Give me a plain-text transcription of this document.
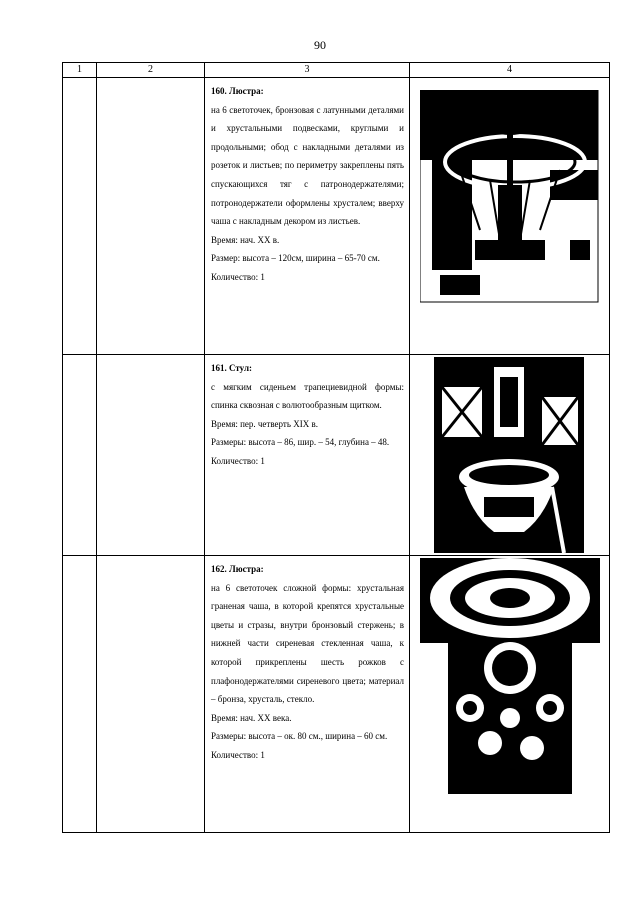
90
1	2	3	4

		160. Люстра:

на 6 светоточек, бронзовая с латунными деталями и хрустальными подвесками, круглыми и продольными; обод с накладными деталями из розеток и листьев; по периметру закреплены пять спускающихся тяг с патронодержателями; потронодержатели оформлены хрусталем; вверху чаша с накладным декором из листьев.

Время: нач. XX в.

Размер: высота – 120см, ширина – 65-70 см.

Количество: 1

		161. Стул:

с мягким сиденьем трапециевидной формы: спинка сквозная с волютообразным щитком.

Время: пер. четверть XIX в.

Размеры: высота – 86, шир. – 54, глубина – 48.

Количество: 1

		162. Люстра:

на 6 светоточек сложной формы: хрустальная граненая чаша, в которой крепятся хрустальные цветы и стразы, внутри бронзовый стержень; в нижней части сиреневая стекленная чаша, к которой прикреплены шесть рожков с плафонодержателями сиреневого цвета; материал – бронза, хрусталь, стекло.

Время: нач. XX века.

Размеры: высота – ок. 80 см., ширина – 60 см.

Количество: 1
